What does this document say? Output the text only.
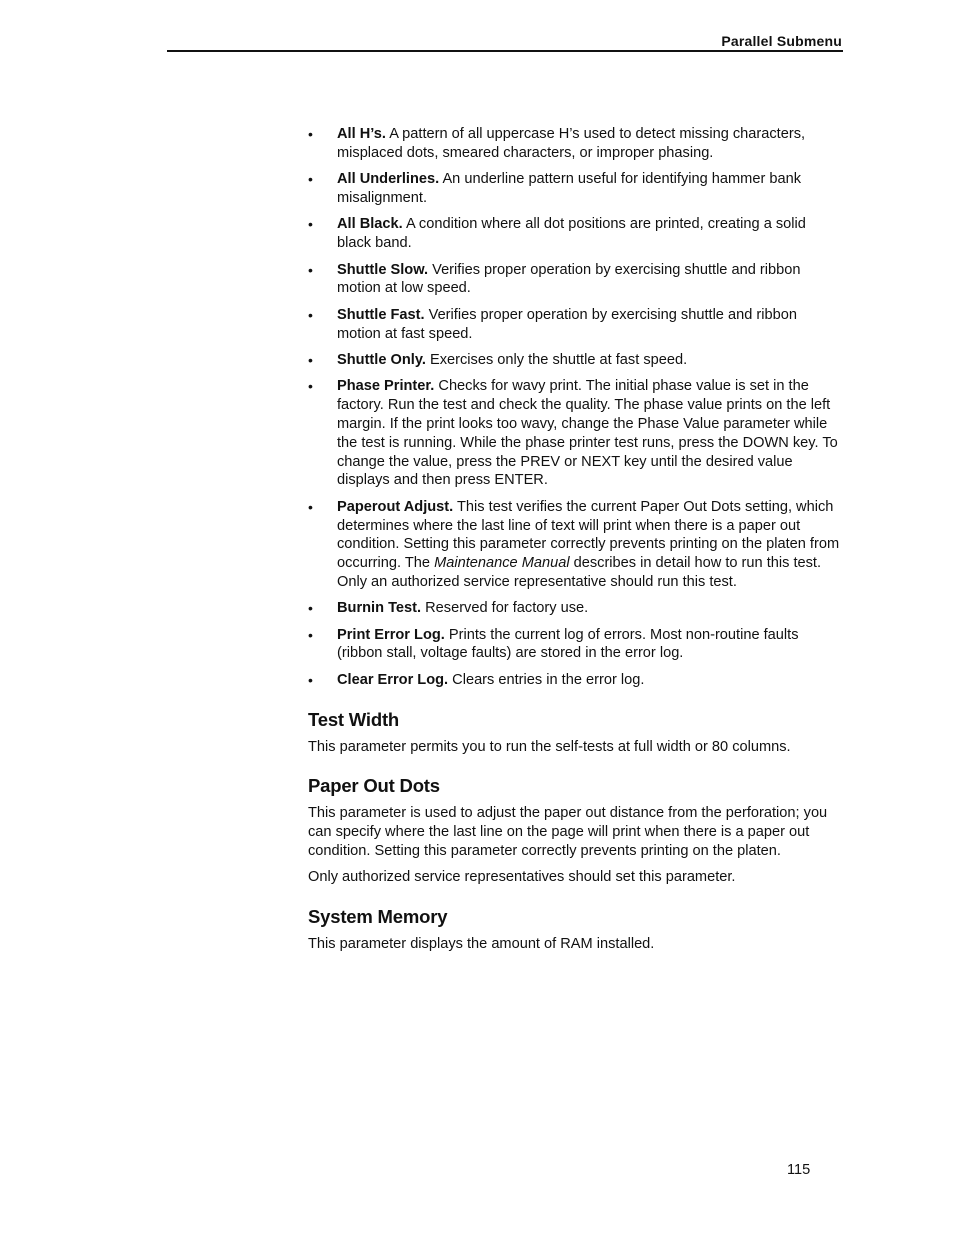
Parallel Submenu
•	All H’s. A pattern of all uppercase H’s used to detect missing characters, misplaced dots, smeared characters, or improper phasing.
•	All Underlines. An underline pattern useful for identifying hammer bank misalignment.
•	All Black. A condition where all dot positions are printed, creating a solid black band.
•	Shuttle Slow. Verifies proper operation by exercising shuttle and ribbon motion at low speed.
•	Shuttle Fast. Verifies proper operation by exercising shuttle and ribbon motion at fast speed.
•	Shuttle Only. Exercises only the shuttle at fast speed.
•	Phase Printer. Checks for wavy print. The initial phase value is set in the factory. Run the test and check the quality. The phase value prints on the left margin. If the print looks too wavy, change the Phase Value parameter while the test is running. While the phase printer test runs, press the DOWN key. To change the value, press the PREV or NEXT key until the desired value displays and then press ENTER.
•	Paperout Adjust. This test verifies the current Paper Out Dots setting, which determines where the last line of text will print when there is a paper out condition. Setting this parameter correctly prevents printing on the platen from occurring. The Maintenance Manual describes in detail how to run this test. Only an authorized service representative should run this test.
•	Burnin Test. Reserved for factory use.
•	Print Error Log. Prints the current log of errors. Most non-routine faults (ribbon stall, voltage faults) are stored in the error log.
•	Clear Error Log. Clears entries in the error log.
Test Width

This parameter permits you to run the self-tests at full width or 80 columns.

Paper Out Dots

This parameter is used to adjust the paper out distance from the perforation; you can specify where the last line on the page will print when there is a paper out condition. Setting this parameter correctly prevents printing on the platen.

Only authorized service representatives should set this parameter.

System Memory

This parameter displays the amount of RAM installed.

115
